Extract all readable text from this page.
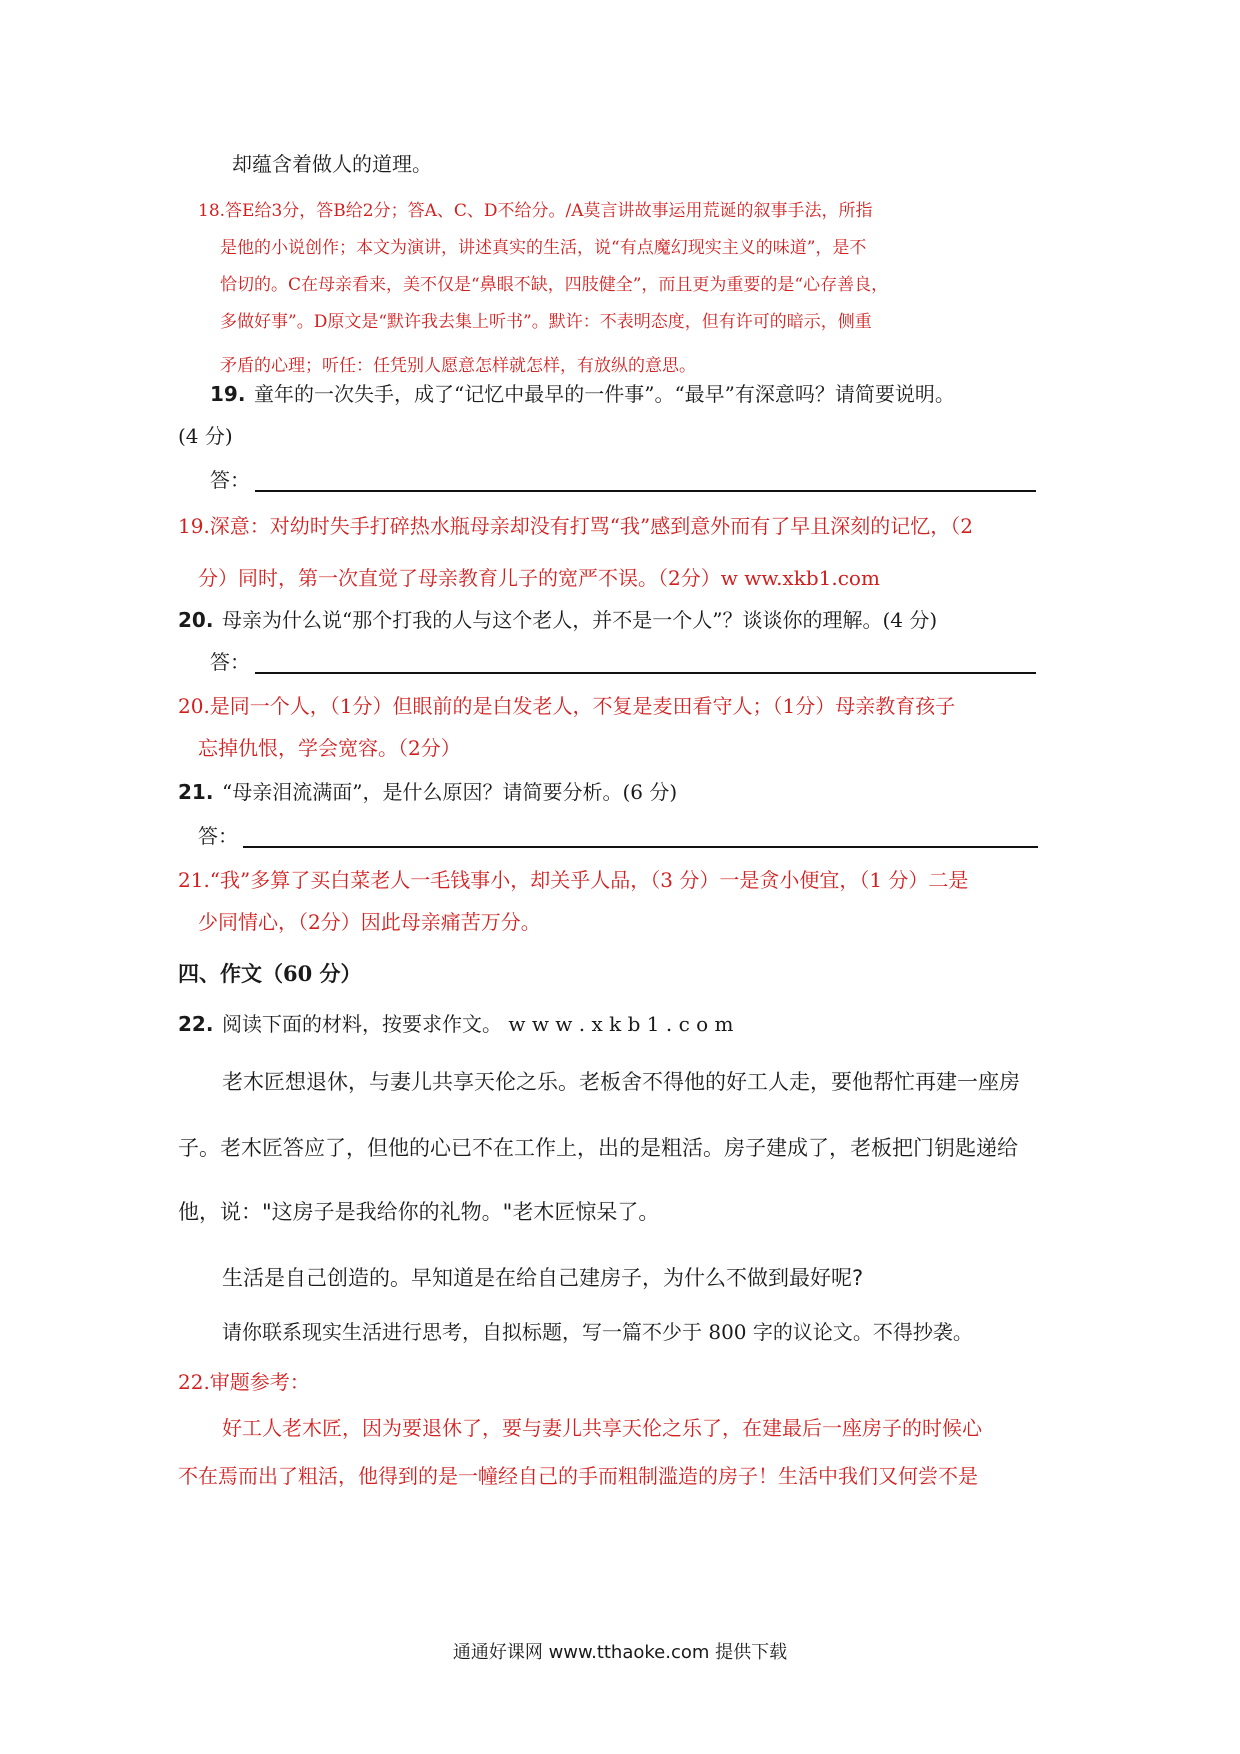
却蕴含着做人的道理。
18.答E给3分，答B给2分；答A、C、D不给分。/A莫言讲故事运用荒诞的叙事手法，所指
是他的小说创作；本文为演讲，讲述真实的生活，说“有点魔幻现实主义的味道”，是不
恰切的。C在母亲看来，美不仅是“鼻眼不缺，四肢健全”，而且更为重要的是“心存善良，
多做好事”。D原文是“默许我去集上听书”。默许：不表明态度，但有许可的暗示，侧重
矛盾的心理；听任：任凭别人愿意怎样就怎样，有放纵的意思。
19. 童年的一次失手，成了“记忆中最早的一件事”。“最早”有深意吗？请简要说明。
(4 分)
答：
19.深意：对幼时失手打碎热水瓶母亲却没有打骂“我”感到意外而有了早且深刻的记忆，（2
分）同时，第一次直觉了母亲教育儿子的宽严不误。（2分）w ww.xkb1.com
20. 母亲为什么说“那个打我的人与这个老人，并不是一个人”？谈谈你的理解。(4 分)
答：
20.是同一个人，（1分）但眼前的是白发老人，不复是麦田看守人；（1分）母亲教育孩子
忘掉仇恨，学会宽容。（2分）
21. “母亲泪流满面”，是什么原因？请简要分析。(6 分)
答：
21.“我”多算了买白菜老人一毛钱事小，却关乎人品，（3 分）一是贪小便宜，（1 分）二是
少同情心，（2分）因此母亲痛苦万分。
四、作文（60 分）
22. 阅读下面的材料，按要求作文。 w w w . x k b 1 . c o m
老木匠想退休，与妻儿共享天伦之乐。老板舍不得他的好工人走，要他帮忙再建一座房
子。老木匠答应了，但他的心已不在工作上，出的是粗活。房子建成了，老板把门钥匙递给
他，说："这房子是我给你的礼物。"老木匠惊呆了。
生活是自己创造的。早知道是在给自己建房子，为什么不做到最好呢?
请你联系现实生活进行思考，自拟标题，写一篇不少于 800 字的议论文。不得抄袭。
22.审题参考：
好工人老木匠，因为要退休了，要与妻儿共享天伦之乐了，在建最后一座房子的时候心
不在焉而出了粗活，他得到的是一幢经自己的手而粗制滥造的房子！生活中我们又何尝不是
通通好课网 www.tthaoke.com 提供下载
